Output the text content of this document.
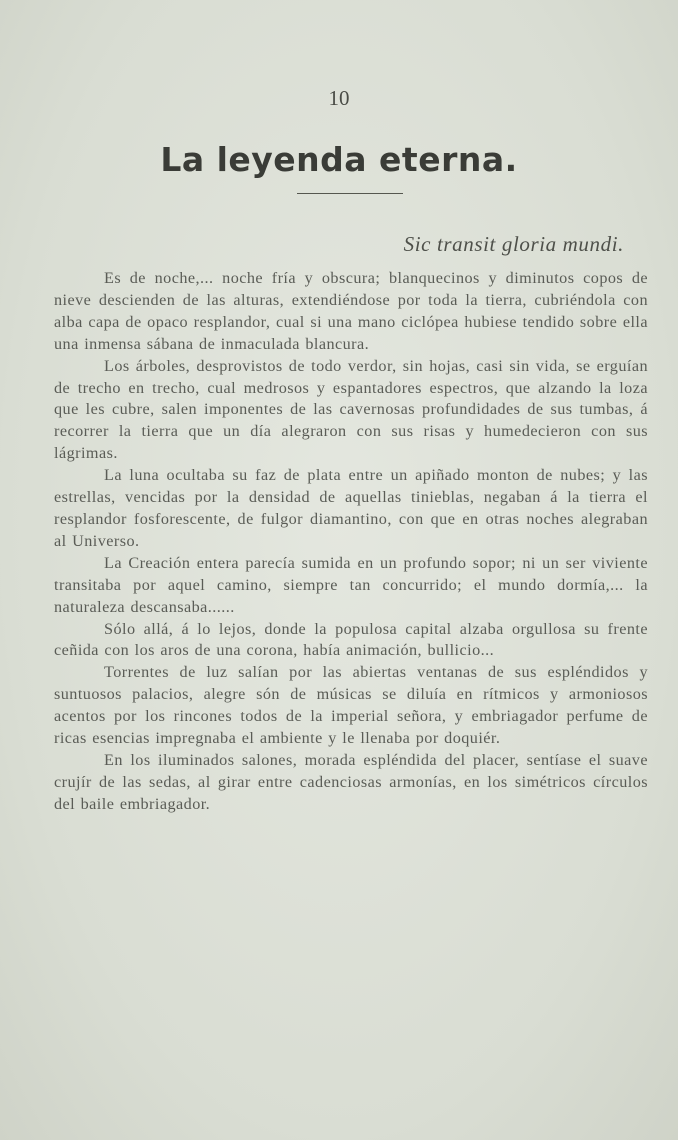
10
La leyenda eterna.

Sic transit gloria mundi.

Es de noche,... noche fría y obscura; blanquecinos y diminutos copos de nieve descienden de las alturas, extendiéndose por toda la tierra, cubriéndola con alba capa de opaco resplandor, cual si una mano ciclópea hubiese tendido sobre ella una inmensa sábana de inmaculada blancura.

Los árboles, desprovistos de todo verdor, sin hojas, casi sin vida, se erguían de trecho en trecho, cual medrosos y espantadores espectros, que alzando la loza que les cubre, salen imponentes de las cavernosas profundidades de sus tumbas, á recorrer la tierra que un día alegraron con sus risas y humedecieron con sus lágrimas.

La luna ocultaba su faz de plata entre un apiñado monton de nubes; y las estrellas, vencidas por la densidad de aquellas tinieblas, negaban á la tierra el resplandor fosforescente, de fulgor diamantino, con que en otras noches alegraban al Universo.

La Creación entera parecía sumida en un profundo sopor; ni un ser viviente transitaba por aquel camino, siempre tan concurrido; el mundo dormía,... la naturaleza descansaba......

Sólo allá, á lo lejos, donde la populosa capital alzaba orgullosa su frente ceñida con los aros de una corona, había animación, bullicio...

Torrentes de luz salían por las abiertas ventanas de sus espléndidos y suntuosos palacios, alegre són de músicas se diluía en rítmicos y armoniosos acentos por los rincones todos de la imperial señora, y embriagador perfume de ricas esencias impregnaba el ambiente y le llenaba por doquiér.

En los iluminados salones, morada espléndida del placer, sentíase el suave crujír de las sedas, al girar entre cadenciosas armonías, en los simétricos círculos del baile embriagador.
